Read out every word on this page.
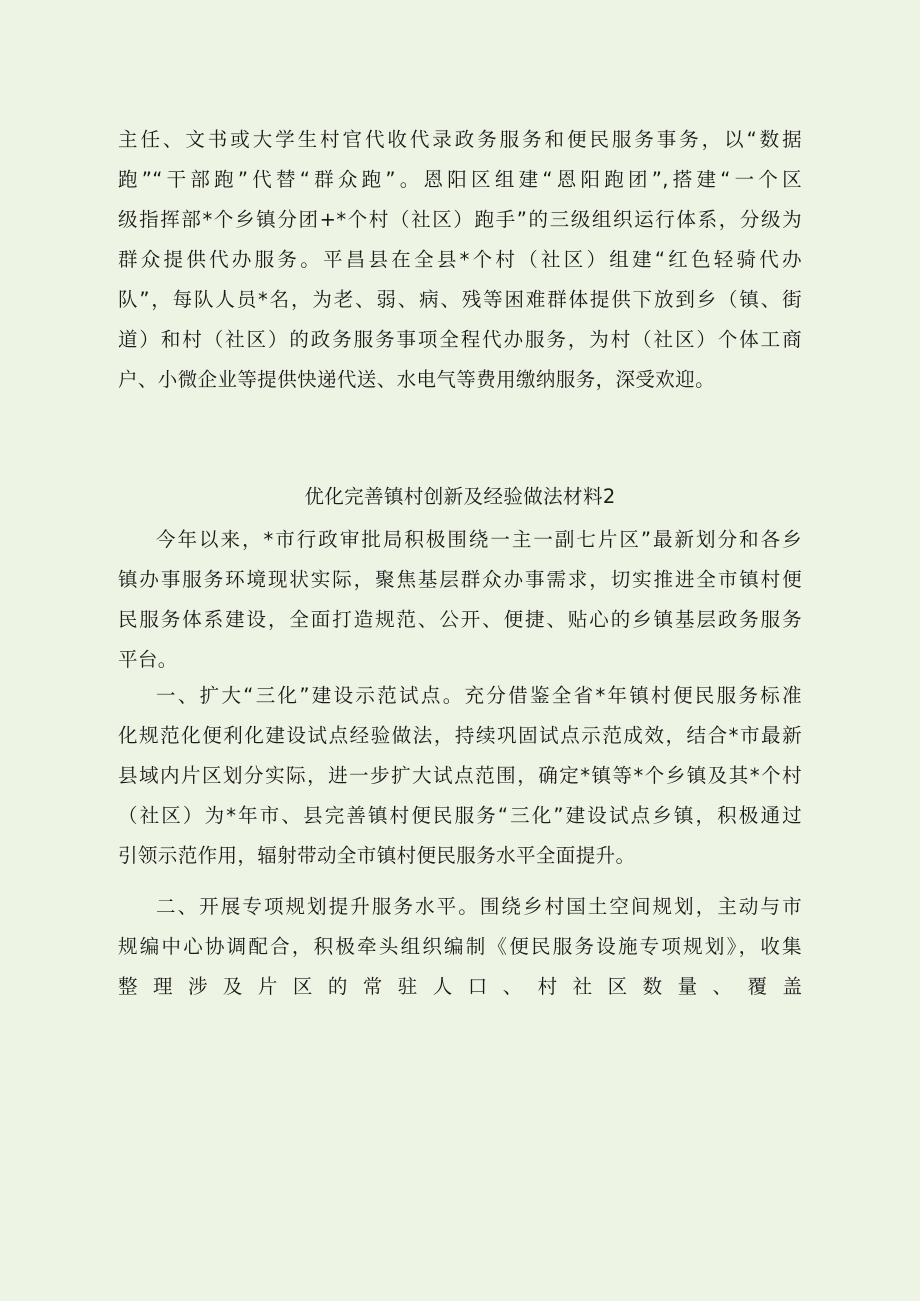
主任、文书或大学生村官代收代录政务服务和便民服务事务，以“数据
跑”“干部跑”代替“群众跑”。恩阳区组建“恩阳跑团”,搭建“一个区
级指挥部*个乡镇分团+*个村（社区）跑手”的三级组织运行体系，分级为
群众提供代办服务。平昌县在全县*个村（社区）组建“红色轻骑代办
队”，每队人员*名，为老、弱、病、残等困难群体提供下放到乡（镇、街
道）和村（社区）的政务服务事项全程代办服务，为村（社区）个体工商
户、小微企业等提供快递代送、水电气等费用缴纳服务，深受欢迎。
优化完善镇村创新及经验做法材料2
今年以来，*市行政审批局积极围绕一主一副七片区”最新划分和各乡
镇办事服务环境现状实际，聚焦基层群众办事需求，切实推进全市镇村便
民服务体系建设，全面打造规范、公开、便捷、贴心的乡镇基层政务服务
平台。
一、扩大“三化”建设示范试点。充分借鉴全省*年镇村便民服务标准
化规范化便利化建设试点经验做法，持续巩固试点示范成效，结合*市最新
县域内片区划分实际，进一步扩大试点范围，确定*镇等*个乡镇及其*个村
（社区）为*年市、县完善镇村便民服务“三化”建设试点乡镇，积极通过
引领示范作用，辐射带动全市镇村便民服务水平全面提升。
二、开展专项规划提升服务水平。围绕乡村国土空间规划，主动与市
规编中心协调配合，积极牵头组织编制《便民服务设施专项规划》，收集
整理涉及片区的常驻人口、村社区数量、覆盖
